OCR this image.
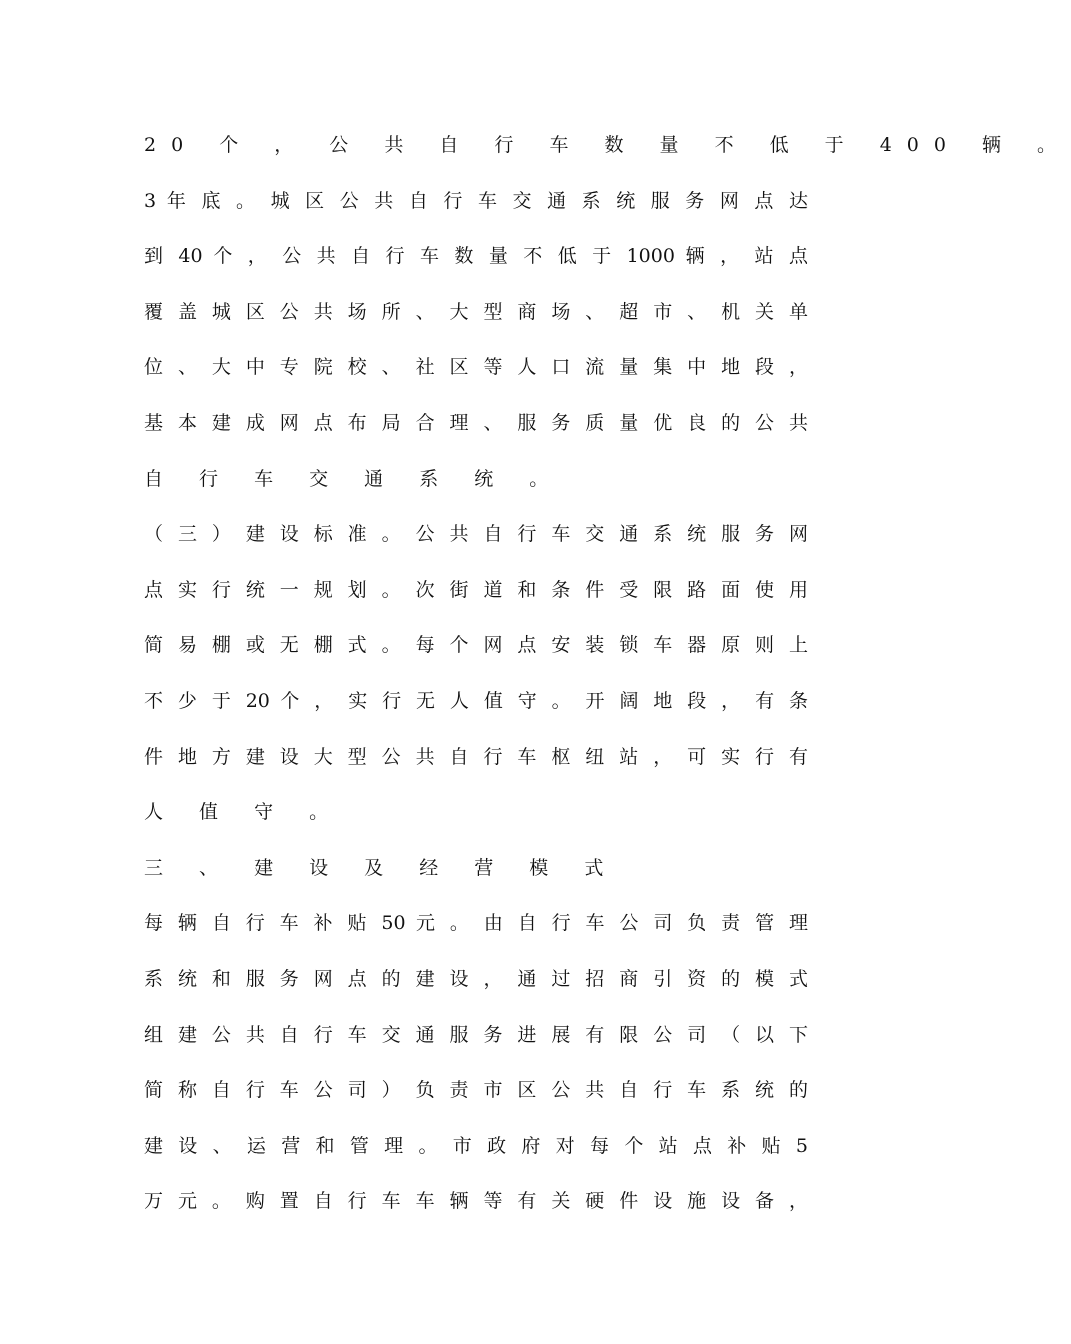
20 个 ， 公 共 自 行 车 数 量 不 低 于 400 辆 。
3 年 底 。 城 区 公 共 自 行 车 交 通 系 统 服 务 网 点 达
到 40 个 ， 公 共 自 行 车 数 量 不 低 于 1000 辆 ， 站 点
覆 盖 城 区 公 共 场 所 、 大 型 商 场 、 超 市 、 机 关 单
位 、 大 中 专 院 校 、 社 区 等 人 口 流 量 集 中 地 段 ，
基 本 建 成 网 点 布 局 合 理 、 服 务 质 量 优 良 的 公 共
自 行 车 交 通 系 统 。
（ 三 ） 建 设 标 准 。 公 共 自 行 车 交 通 系 统 服 务 网
点 实 行 统 一 规 划 。 次 街 道 和 条 件 受 限 路 面 使 用
简 易 棚 或 无 棚 式 。 每 个 网 点 安 装 锁 车 器 原 则 上
不 少 于 20 个 ， 实 行 无 人 值 守 。 开 阔 地 段 ， 有 条
件 地 方 建 设 大 型 公 共 自 行 车 枢 纽 站 ， 可 实 行 有
人 值 守 。
三 、 建 设 及 经 营 模 式
每 辆 自 行 车 补 贴 50 元 。 由 自 行 车 公 司 负 责 管 理
系 统 和 服 务 网 点 的 建 设 ， 通 过 招 商 引 资 的 模 式
组 建 公 共 自 行 车 交 通 服 务 进 展 有 限 公 司 （ 以 下
简 称 自 行 车 公 司 ） 负 责 市 区 公 共 自 行 车 系 统 的
建 设 、 运 营 和 管 理 。 市 政 府 对 每 个 站 点 补 贴 5
万 元 。 购 置 自 行 车 车 辆 等 有 关 硬 件 设 施 设 备 ，
